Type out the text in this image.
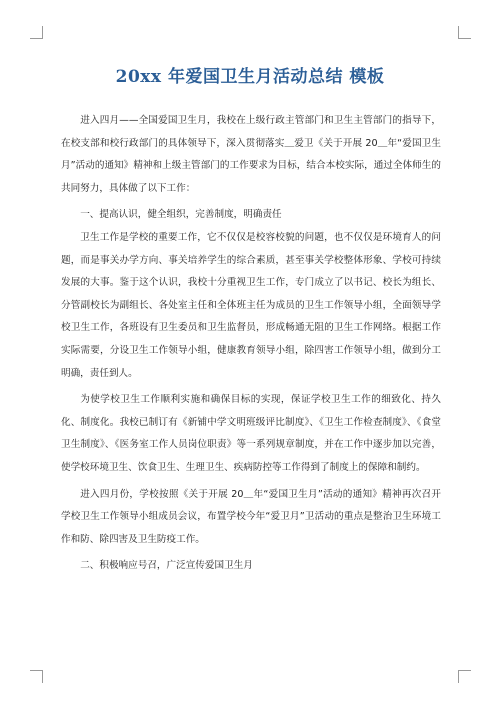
20xx 年爱国卫生月活动总结 模板

进入四月——全国爱国卫生月，我校在上级行政主管部门和卫生主管部门的指导下，在校支部和校行政部门的具体领导下，深入贯彻落实＿爱卫《关于开展 20＿年“爱国卫生月”活动的通知》精神和上级主管部门的工作要求为目标，结合本校实际，通过全体师生的共同努力，具体做了以下工作：

一、提高认识，健全组织，完善制度，明确责任

卫生工作是学校的重要工作，它不仅仅是校容校貌的问题，也不仅仅是环境育人的问题，而是事关办学方向、事关培养学生的综合素质，甚至事关学校整体形象、学校可持续发展的大事。鉴于这个认识，我校十分重视卫生工作，专门成立了以书记、校长为组长、分管副校长为副组长、各处室主任和全体班主任为成员的卫生工作领导小组，全面领导学校卫生工作，各班设有卫生委员和卫生监督员，形成畅通无阻的卫生工作网络。根据工作实际需要，分设卫生工作领导小组，健康教育领导小组，除四害工作领导小组，做到分工明确，责任到人。

为使学校卫生工作顺利实施和确保目标的实现，保证学校卫生工作的细致化、持久化、制度化。我校已制订有《新铺中学文明班级评比制度》、《卫生工作检查制度》、《食堂卫生制度》、《医务室工作人员岗位职责》等一系列规章制度，并在工作中逐步加以完善，使学校环境卫生、饮食卫生、生理卫生、疾病防控等工作得到了制度上的保障和制约。

进入四月份，学校按照《关于开展 20＿年“爱国卫生月”活动的通知》精神再次召开学校卫生工作领导小组成员会议，布置学校今年“爱卫月”卫活动的重点是整治卫生环境工作和防、除四害及卫生防疫工作。

二、积极响应号召，广泛宣传爱国卫生月
